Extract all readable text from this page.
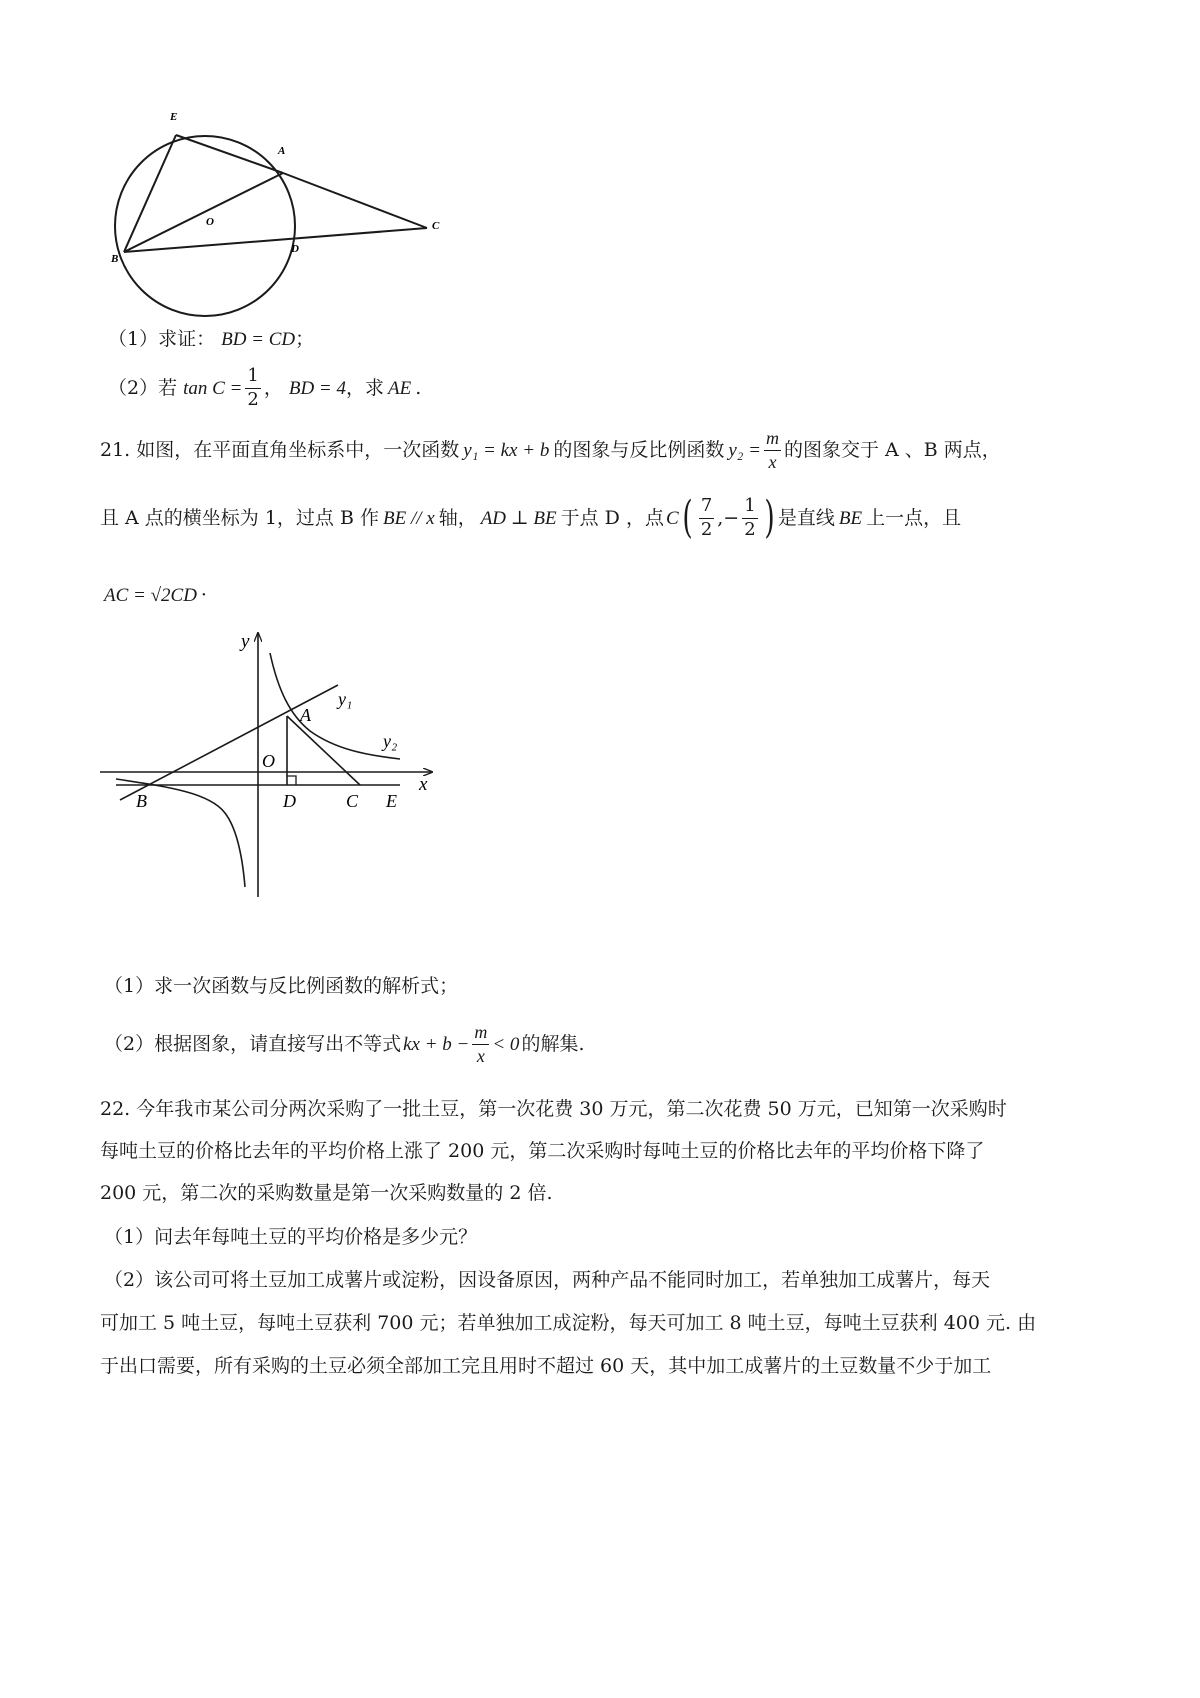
E
A
O	C
B
D
（1）求证： BD = CD；
（2）若 $\tan C = \frac{1}{2}$ ， BD = 4 ，求 AE .
21. 如图，在平面直角坐标系中，一次函数 y₁ = kx + b 的图象与反比例函数 $y_2 = \frac{m}{x}$ 的图象交于 A 、B 两点，
且 A 点的横坐标为 1，过点 B 作 BE // x 轴， AD ⊥ BE 于点 D ，点 C ( $\frac{7}{2}$ ,− $\frac{1}{2}$ ) 是直线 BE 上一点，且
AC = √2CD ·
y
y₁
A
y₂
O
x
B	D	C E
（1）求一次函数与反比例函数的解析式；
（2）根据图象，请直接写出不等式 kx + $b - \frac{m}{x} < 0$ 的解集.
22. 今年我市某公司分两次采购了一批土豆，第一次花费 30 万元，第二次花费 50 万元，已知第一次采购时
每吨土豆的价格比去年的平均价格上涨了 200 元，第二次采购时每吨土豆的价格比去年的平均价格下降了
200 元，第二次的采购数量是第一次采购数量的 2 倍.
（1）问去年每吨土豆的平均价格是多少元？
（2）该公司可将土豆加工成薯片或淀粉，因设备原因，两种产品不能同时加工，若单独加工成薯片，每天
可加工 5 吨土豆，每吨土豆获利 700 元；若单独加工成淀粉，每天可加工 8 吨土豆，每吨土豆获利 400 元. 由
于出口需要，所有采购的土豆必须全部加工完且用时不超过 60 天，其中加工成薯片的土豆数量不少于加工
